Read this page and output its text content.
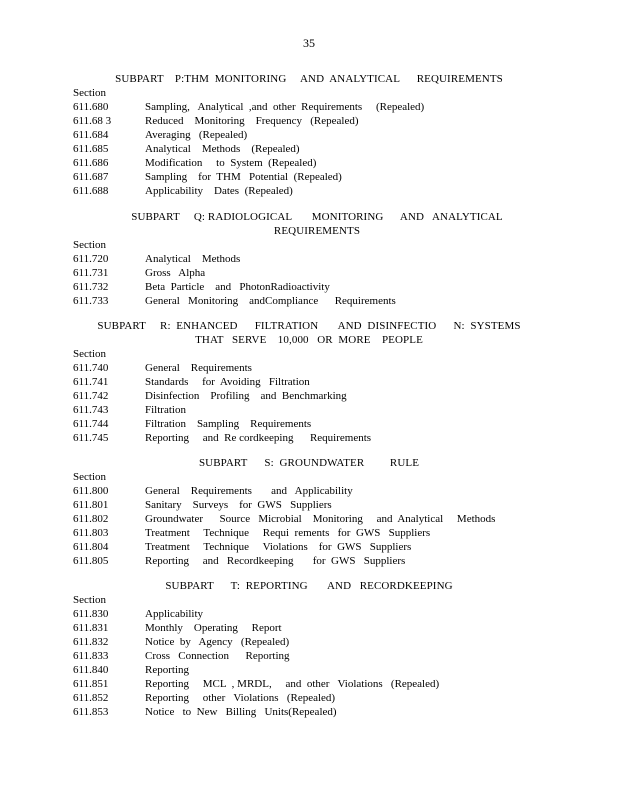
35
SUBPART    P:THM  MONITORING     AND  ANALYTICAL      REQUIREMENTS
Section
611.680	Sampling,   Analytical  ,and  other  Requirements     (Repealed)
611.68 3	Reduced    Monitoring    Frequency   (Repealed)
611.684	Averaging   (Repealed)
611.685	Analytical    Methods    (Repealed)
611.686	Modification     to  System  (Repealed)
611.687	Sampling    for  THM   Potential  (Repealed)
611.688	Applicability    Dates  (Repealed)
SUBPART     Q: RADIOLOGICAL       MONITORING      AND   ANALYTICAL
REQUIREMENTS
Section
611.720	Analytical    Methods
611.731	Gross   Alpha
611.732	Beta  Particle    and   PhotonRadioactivity
611.733	General   Monitoring    andCompliance      Requirements
SUBPART     R:  ENHANCED      FILTRATION       AND  DISINFECTIO      N:  SYSTEMS
THAT   SERVE    10,000   OR  MORE    PEOPLE
Section
611.740	General    Requirements
611.741	Standards     for  Avoiding   Filtration
611.742	Disinfection    Profiling    and  Benchmarking
611.743	Filtration
611.744	Filtration    Sampling    Requirements
611.745	Reporting     and  Re cordkeeping      Requirements
SUBPART      S:  GROUNDWATER         RULE
Section
611.800	General    Requirements       and   Applicability
611.801	Sanitary    Surveys    for  GWS   Suppliers
611.802	Groundwater      Source   Microbial    Monitoring     and  Analytical     Methods
611.803	Treatment     Technique     Requi  rements   for  GWS   Suppliers
611.804	Treatment     Technique     Violations    for  GWS   Suppliers
611.805	Reporting     and   Recordkeeping       for  GWS   Suppliers
SUBPART      T:  REPORTING       AND   RECORDKEEPING
Section
611.830	Applicability
611.831	Monthly    Operating     Report
611.832	Notice  by   Agency   (Repealed)
611.833	Cross   Connection      Reporting
611.840	Reporting
611.851	Reporting     MCL  , MRDL,     and  other   Violations   (Repealed)
611.852	Reporting     other   Violations   (Repealed)
611.853	Notice   to  New   Billing   Units(Repealed)
